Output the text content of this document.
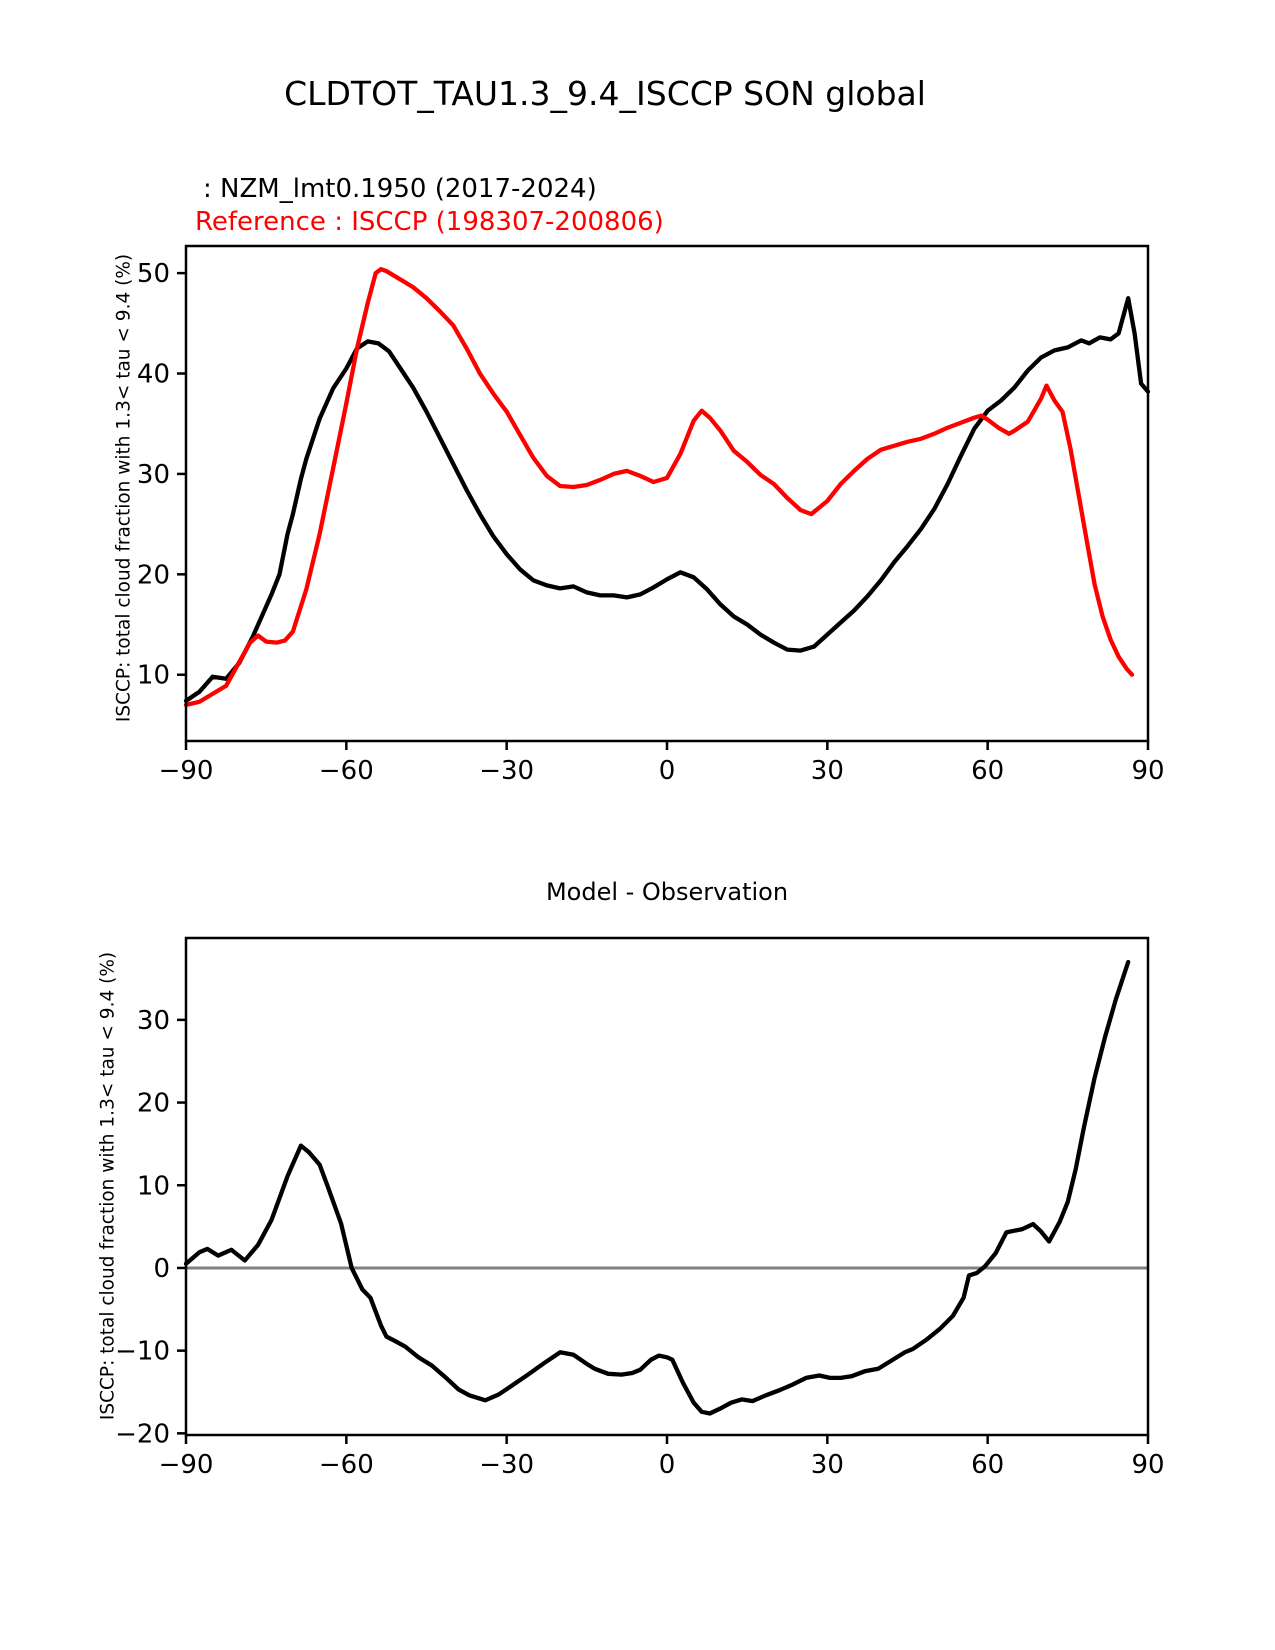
CLDTOT_TAU1.3_9.4_ISCCP SON global
: NZM_lmt0.1950 (2017-2024)
Reference : ISCCP (198307-200806)
ISCCP: total cloud fraction with 1.3< tau < 9.4 (%)
ISCCP: total cloud fraction with 1.3< tau < 9.4 (%)
Model - Observation
−90	−60	−30	0	30	60	90
10
20
30
40
50
−90	−60	−30	0	30	60	90
−20
−10
0
10
20
30
